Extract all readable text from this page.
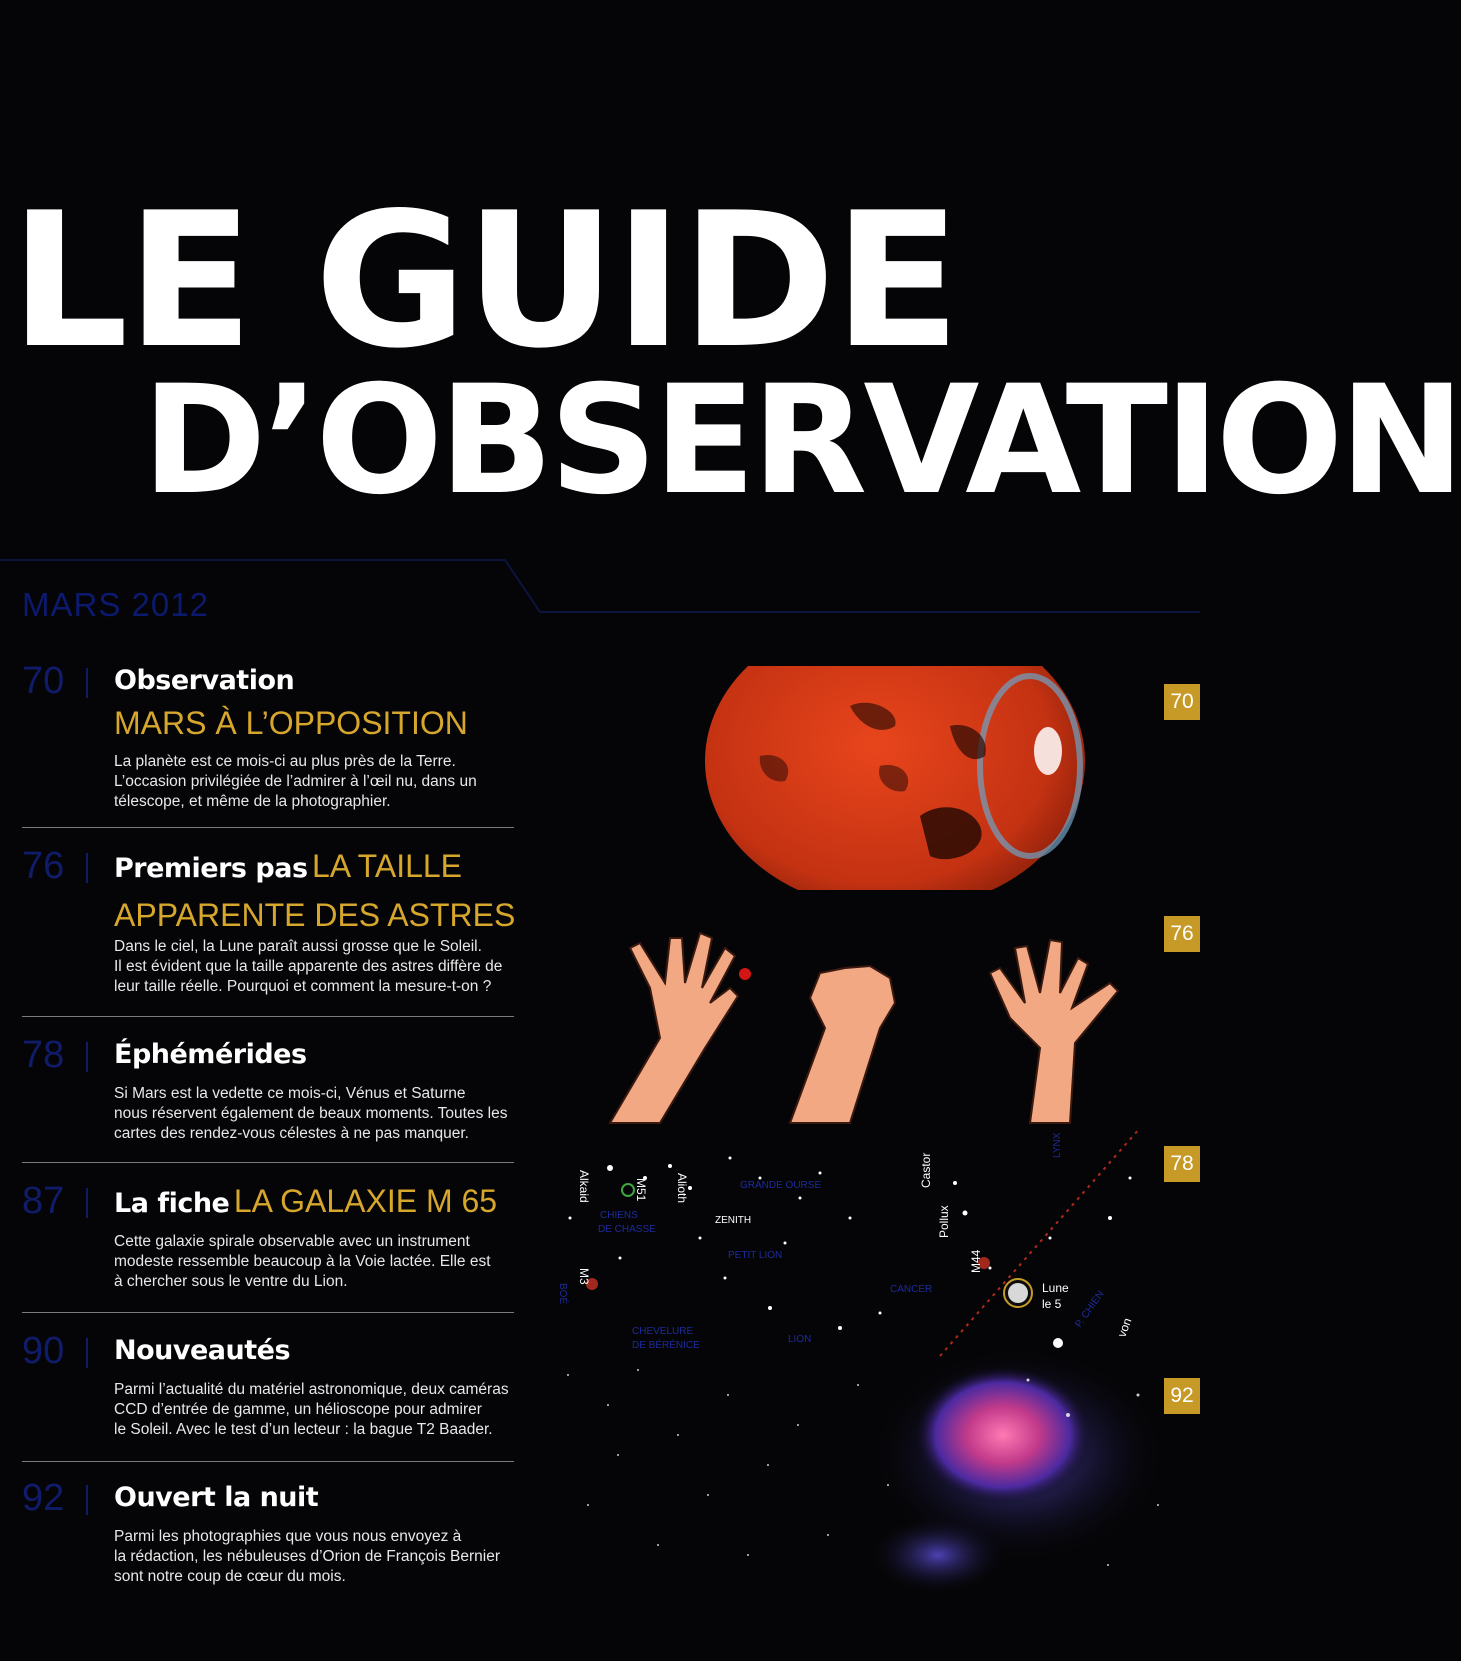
LE GUIDE
D’OBSERVATION
MARS 2012
70 Observation
MARS À L’OPPOSITION
La planète est ce mois-ci au plus près de la Terre.
L’occasion privilégiée de l’admirer à l’œil nu, dans un
télescope, et même de la photographier.
76 Premiers pas LA TAILLE APPARENTE DES ASTRES
Dans le ciel, la Lune paraît aussi grosse que le Soleil.
Il est évident que la taille apparente des astres diffère de
leur taille réelle. Pourquoi et comment la mesure-t-on ?
78 Éphémérides
Si Mars est la vedette ce mois-ci, Vénus et Saturne
nous réservent également de beaux moments. Toutes les
cartes des rendez-vous célestes à ne pas manquer.
87 La fiche LA GALAXIE M 65
Cette galaxie spirale observable avec un instrument
modeste ressemble beaucoup à la Voie lactée. Elle est
à chercher sous le ventre du Lion.
90 Nouveautés
Parmi l’actualité du matériel astronomique, deux caméras
CCD d’entrée de gamme, un hélioscope pour admirer
le Soleil. Avec le test d’un lecteur : la bague T2 Baader.
92 Ouvert la nuit
Parmi les photographies que vous nous envoyez à
la rédaction, les nébuleuses d’Orion de François Bernier
sont notre coup de cœur du mois.
Alkaid	M51 Alioth
ZENITH
Castor
Pollux
M44
M3
Lune
le 5
von
GRANDE OURSE
CHIENS
DE CHASSE
PETIT LION
CANCER
CHEVELURE
DE BÉRÉNICE
LION
LYNX
BOÉ	P. CHIEN
70
76
78
92
